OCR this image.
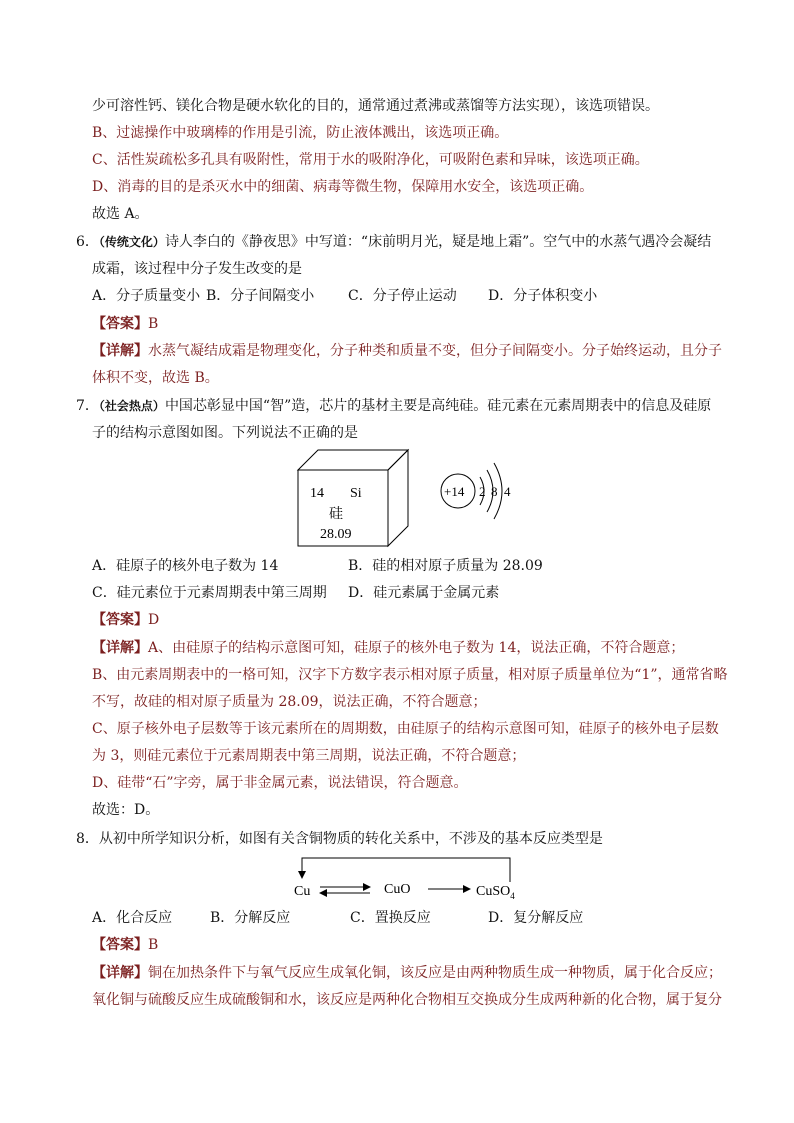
少可溶性钙、镁化合物是硬水软化的目的，通常通过煮沸或蒸馏等方法实现），该选项错误。
B、过滤操作中玻璃棒的作用是引流，防止液体溅出，该选项正确。
C、活性炭疏松多孔具有吸附性，常用于水的吸附净化，可吸附色素和异味，该选项正确。
D、消毒的目的是杀灭水中的细菌、病毒等微生物，保障用水安全，该选项正确。
故选 A。
6．（传统文化）诗人李白的《静夜思》中写道：“床前明月光，疑是地上霜”。空气中的水蒸气遇冷会凝结
成霜，该过程中分子发生改变的是
A．分子质量变小 B．分子间隔变小 C．分子停止运动 D．分子体积变小
【答案】B
【详解】水蒸气凝结成霜是物理变化，分子种类和质量不变，但分子间隔变小。分子始终运动，且分子
体积不变，故选 B。
7．（社会热点）中国芯彰显中国“智”造，芯片的基材主要是高纯硅。硅元素在元素周期表中的信息及硅原
子的结构示意图如图。下列说法不正确的是
14 Si
硅
28.09
+14 2 8 4
A．硅原子的核外电子数为 14	B．硅的相对原子质量为 28.09
C．硅元素位于元素周期表中第三周期 D．硅元素属于金属元素
【答案】D
【详解】A、由硅原子的结构示意图可知，硅原子的核外电子数为 14，说法正确，不符合题意；
B、由元素周期表中的一格可知，汉字下方数字表示相对原子质量，相对原子质量单位为“1”，通常省略
不写，故硅的相对原子质量为 28.09，说法正确，不符合题意；
C、原子核外电子层数等于该元素所在的周期数，由硅原子的结构示意图可知，硅原子的核外电子层数
为 3，则硅元素位于元素周期表中第三周期，说法正确，不符合题意；
D、硅带“石”字旁，属于非金属元素，说法错误，符合题意。
故选：D。
8．从初中所学知识分析，如图有关含铜物质的转化关系中，不涉及的基本反应类型是
Cu	CuO	CuSO$_4$
A．化合反应	B．分解反应	C．置换反应	D．复分解反应
【答案】B
【详解】铜在加热条件下与氧气反应生成氧化铜，该反应是由两种物质生成一种物质，属于化合反应；
氧化铜与硫酸反应生成硫酸铜和水，该反应是两种化合物相互交换成分生成两种新的化合物，属于复分
